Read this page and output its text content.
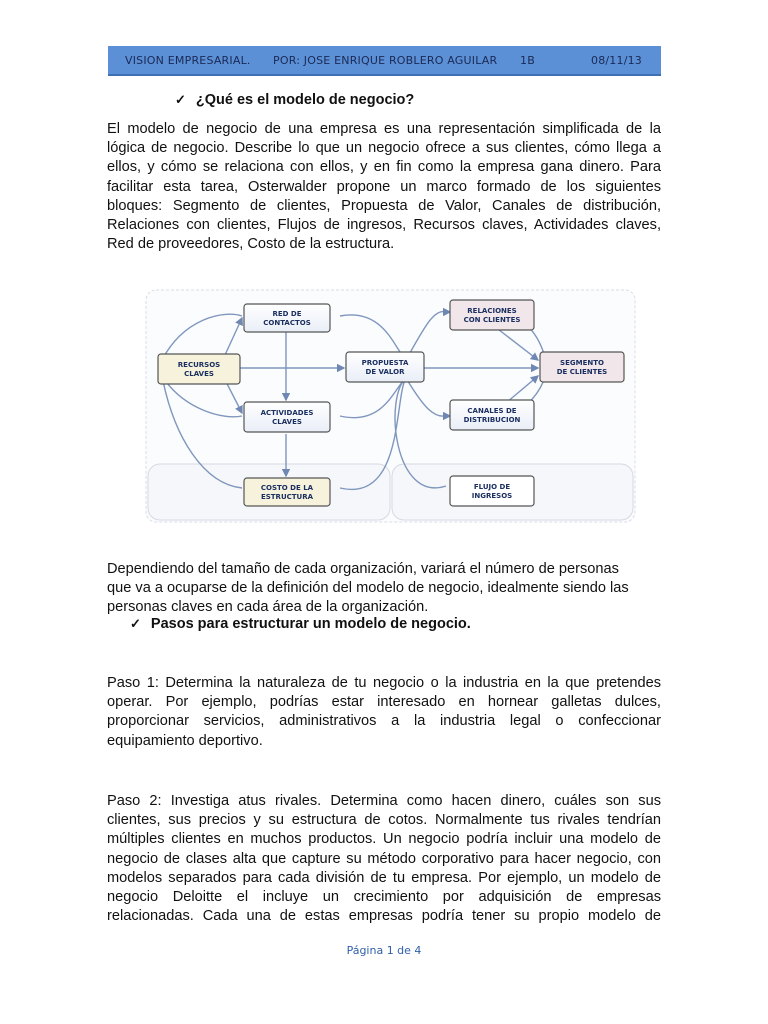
VISION EMPRESARIAL. POR: JOSE ENRIQUE ROBLERO AGUILAR 1B	08/11/13
✓ ¿Qué es el modelo de negocio?

El modelo de negocio de una empresa es una representación simplificada de la
lógica de negocio. Describe lo que un negocio ofrece a sus clientes, cómo llega a
ellos, y cómo se relaciona con ellos, y en fin como la empresa gana dinero. Para
facilitar esta tarea, Osterwalder propone un marco formado de los siguientes
bloques: Segmento de clientes, Propuesta de Valor, Canales de distribución,
Relaciones con clientes, Flujos de ingresos, Recursos claves, Actividades claves,
Red de proveedores, Costo de la estructura.

RED DE
CONTACTOS
RECURSOS
CLAVES
ACTIVIDADES
CLAVES
COSTO DE LA
ESTRUCTURA
PROPUESTA
DE VALOR
RELACIONES
CON CLIENTES
SEGMENTO
DE CLIENTES
CANALES DE
DISTRIBUCION
FLUJO DE
INGRESOS

Dependiendo del tamaño de cada organización, variará el número de personas
que va a ocuparse de la definición del modelo de negocio, idealmente siendo las
personas claves en cada área de la organización.

✓ Pasos para estructurar un modelo de negocio.

Paso 1: Determina la naturaleza de tu negocio o la industria en la que pretendes
operar. Por ejemplo, podrías estar interesado en hornear galletas dulces,
proporcionar servicios, administrativos a la industria legal o confeccionar
equipamiento deportivo.

Paso 2: Investiga atus rivales. Determina como hacen dinero, cuáles son sus
clientes, sus precios y su estructura de cotos. Normalmente tus rivales tendrían
múltiples clientes en muchos productos. Un negocio podría incluir una modelo de
negocio de clases alta que capture su método corporativo para hacer negocio, con
modelos separados para cada división de tu empresa. Por ejemplo, un modelo de
negocio Deloitte el incluye un crecimiento por adquisición de empresas
relacionadas. Cada una de estas empresas podría tener su propio modelo de

Página 1 de 4
